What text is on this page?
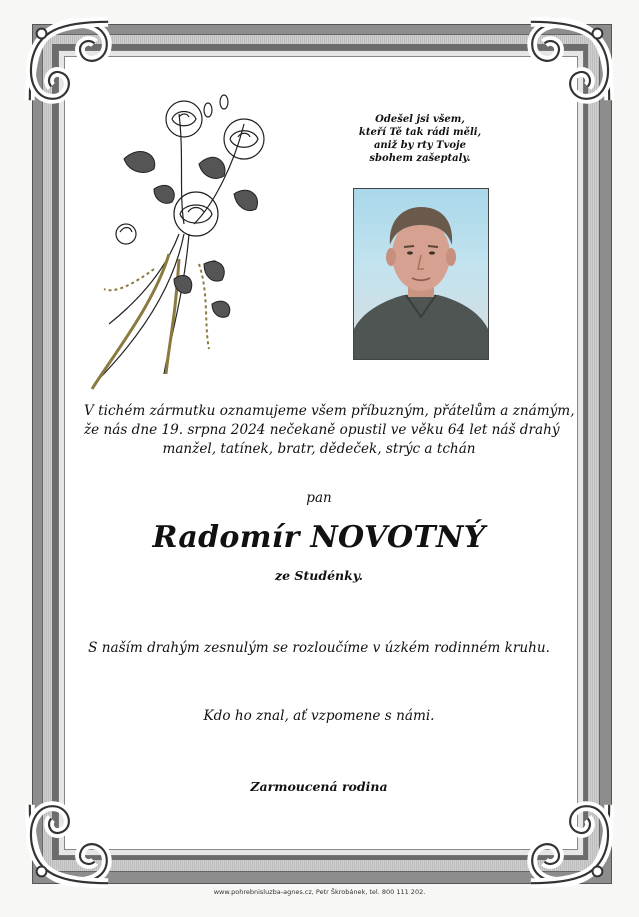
Odešel jsi všem,
kteří Tě tak rádi měli,
aniž by rty Tvoje
sbohem zašeptaly.
V tichém zármutku oznamujeme všem příbuzným, přátelům a známým,
že nás dne 19. srpna 2024 nečekaně opustil ve věku 64 let náš drahý
manžel, tatínek, bratr, dědeček, strýc a tchán
pan
Radomír NOVOTNÝ
ze Studénky.
S naším drahým zesnulým se rozloučíme v úzkém rodinném kruhu.
Kdo ho znal, ať vzpomene s námi.
Zarmoucená rodina
www.pohrebnisluzba-agnes.cz, Petr Škrobánek, tel. 800 111 202.
